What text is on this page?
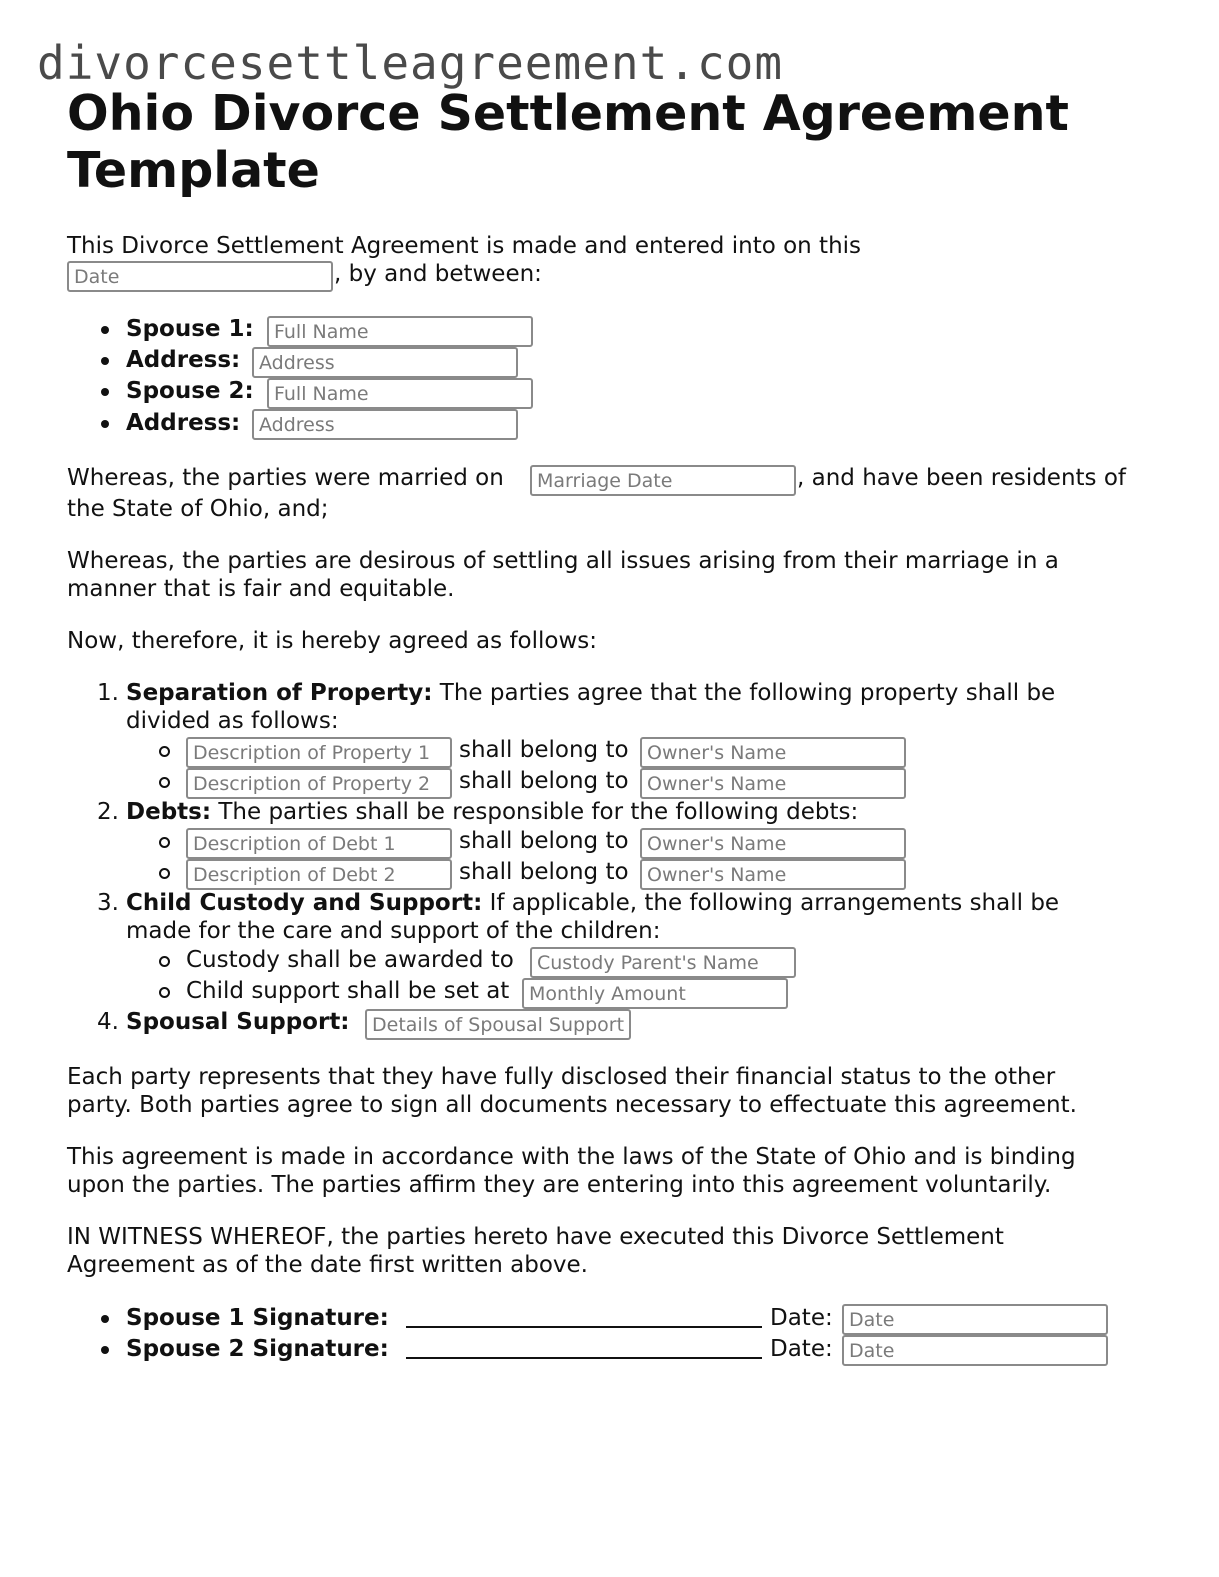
divorcesettleagreement.com
Ohio Divorce Settlement Agreement Template
This Divorce Settlement Agreement is made and entered into on this
Date
, by and between:
Spouse 1:
Full Name
Address:
Address
Spouse 2:
Full Name
Address:
Address
Whereas, the parties were married on
Marriage Date	, and have been residents of
the State of Ohio, and;
Whereas, the parties are desirous of settling all issues arising from their marriage in a
manner that is fair and equitable.
Now, therefore, it is hereby agreed as follows:
1. Separation of Property: The parties agree that the following property shall be
divided as follows:
Description of Property 1
shall belong to
Owner's Name
Description of Property 2
shall belong to
Owner's Name
2. Debts: The parties shall be responsible for the following debts:
Description of Debt 1
shall belong to
Owner's Name
Description of Debt 2
shall belong to
Owner's Name
3. Child Custody and Support: If applicable, the following arrangements shall be
made for the care and support of the children:
Custody shall be awarded to
Custody Parent's Name
Child support shall be set at
Monthly Amount
4. Spousal Support:
Details of Spousal Support
Each party represents that they have fully disclosed their financial status to the other
party. Both parties agree to sign all documents necessary to effectuate this agreement.
This agreement is made in accordance with the laws of the State of Ohio and is binding
upon the parties. The parties affirm they are entering into this agreement voluntarily.
IN WITNESS WHEREOF, the parties hereto have executed this Divorce Settlement
Agreement as of the date first written above.
Spouse 1 Signature:	Date:
Date
Spouse 2 Signature:	Date:
Date
